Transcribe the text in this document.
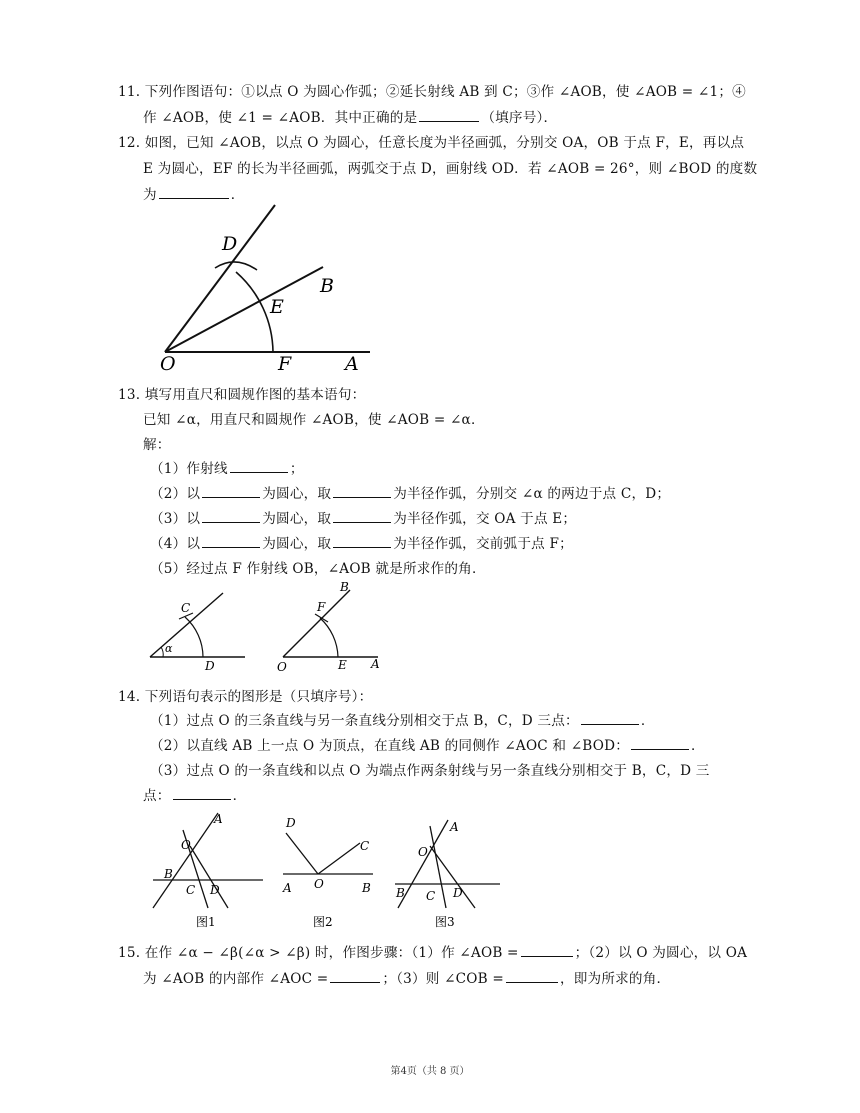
11. 下列作图语句：①以点 O 为圆心作弧；②延长射线 AB 到 C；③作 ∠AOB，使 ∠AOB = ∠1；④
作 ∠AOB，使 ∠1 = ∠AOB．其中正确的是	（填序号）．
12. 如图，已知 ∠AOB，以点 O 为圆心，任意长度为半径画弧，分别交 OA，OB 于点 F，E，再以点
E 为圆心，EF 的长为半径画弧，两弧交于点 D，画射线 OD．若 ∠AOB = 26°，则 ∠BOD 的度数
为	．
D
B
E
O	F	A
13. 填写用直尺和圆规作图的基本语句：
已知 ∠α，用直尺和圆规作 ∠AOB，使 ∠AOB = ∠α．
解：
（1）作射线	；
（2）以	为圆心，取	为半径作弧，分别交 ∠α 的两边于点 C，D；
（3）以	为圆心，取	为半径作弧，交 OA 于点 E；
（4）以	为圆心，取	为半径作弧，交前弧于点 F；
（5）经过点 F 作射线 OB，∠AOB 就是所求作的角．
C
α
D
B
F
O	E A
14. 下列语句表示的图形是（只填序号）：
（1）过点 O 的三条直线与另一条直线分别相交于点 B，C，D 三点：	．
（2）以直线 AB 上一点 O 为顶点，在直线 AB 的同侧作 ∠AOC 和 ∠BOD：	．
（3）过点 O 的一条直线和以点 O 为端点作两条射线与另一条直线分别相交于 B，C，D 三
点：	．
A
O
B
C D
图1
D
C
A O	B
图2
A
O
B C D
图3
15. 在作 ∠α − ∠β(∠α > ∠β) 时，作图步骤：（1）作 ∠AOB =	；（2）以 O 为圆心，以 OA
为 ∠AOB 的内部作 ∠AOC =	；（3）则 ∠COB =	，即为所求的角．
第4页（共 8 页）
